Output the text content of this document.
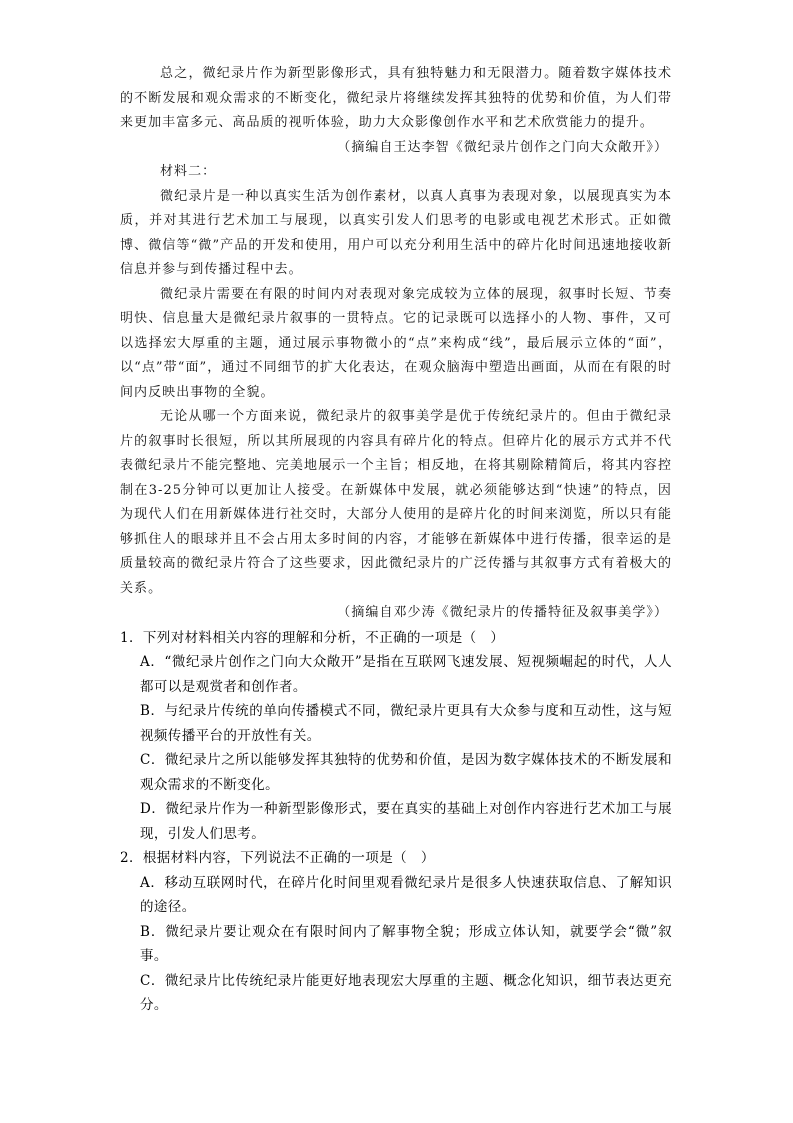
总之，微纪录片作为新型影像形式，具有独特魅力和无限潜力。随着数字媒体技术的不断发展和观众需求的不断变化，微纪录片将继续发挥其独特的优势和价值，为人们带来更加丰富多元、高品质的视听体验，助力大众影像创作水平和艺术欣赏能力的提升。

（摘编自王达李智《微纪录片创作之门向大众敞开》）

材料二：

微纪录片是一种以真实生活为创作素材，以真人真事为表现对象，以展现真实为本质，并对其进行艺术加工与展现，以真实引发人们思考的电影或电视艺术形式。正如微博、微信等“微”产品的开发和使用，用户可以充分利用生活中的碎片化时间迅速地接收新信息并参与到传播过程中去。

微纪录片需要在有限的时间内对表现对象完成较为立体的展现，叙事时长短、节奏明快、信息量大是微纪录片叙事的一贯特点。它的记录既可以选择小的人物、事件，又可以选择宏大厚重的主题，通过展示事物微小的“点”来构成“线”，最后展示立体的“面”，以“点”带“面”，通过不同细节的扩大化表达，在观众脑海中塑造出画面，从而在有限的时间内反映出事物的全貌。

无论从哪一个方面来说，微纪录片的叙事美学是优于传统纪录片的。但由于微纪录片的叙事时长很短，所以其所展现的内容具有碎片化的特点。但碎片化的展示方式并不代表微纪录片不能完整地、完美地展示一个主旨；相反地，在将其剔除精简后，将其内容控制在3-25分钟可以更加让人接受。在新媒体中发展，就必须能够达到“快速”的特点，因为现代人们在用新媒体进行社交时，大部分人使用的是碎片化的时间来浏览，所以只有能够抓住人的眼球并且不会占用太多时间的内容，才能够在新媒体中进行传播，很幸运的是质量较高的微纪录片符合了这些要求，因此微纪录片的广泛传播与其叙事方式有着极大的关系。

（摘编自邓少涛《微纪录片的传播特征及叙事美学》）

1．下列对材料相关内容的理解和分析，不正确的一项是（　）

A．“微纪录片创作之门向大众敞开”是指在互联网飞速发展、短视频崛起的时代，人人都可以是观赏者和创作者。

B．与纪录片传统的单向传播模式不同，微纪录片更具有大众参与度和互动性，这与短视频传播平台的开放性有关。

C．微纪录片之所以能够发挥其独特的优势和价值，是因为数字媒体技术的不断发展和观众需求的不断变化。

D．微纪录片作为一种新型影像形式，要在真实的基础上对创作内容进行艺术加工与展现，引发人们思考。

2．根据材料内容，下列说法不正确的一项是（　）

A．移动互联网时代，在碎片化时间里观看微纪录片是很多人快速获取信息、了解知识的途径。

B．微纪录片要让观众在有限时间内了解事物全貌；形成立体认知，就要学会“微”叙事。

C．微纪录片比传统纪录片能更好地表现宏大厚重的主题、概念化知识，细节表达更充分。
